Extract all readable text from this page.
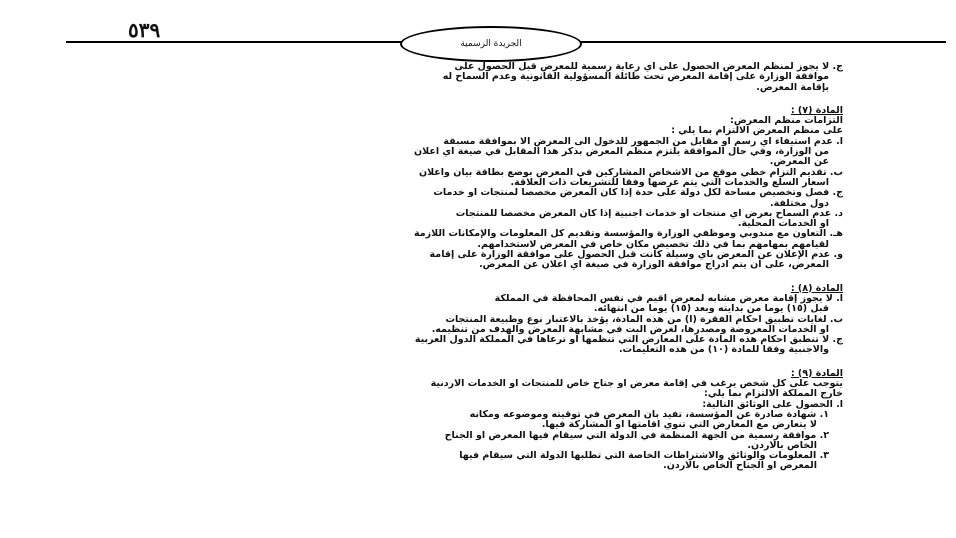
٥٣٩
الجريدة الرسمية
ج. لا يجوز لمنظم المعرض الحصول على أي رعاية رسمية للمعرض قبل الحصول على
موافقة الوزارة على إقامة المعرض تحت طائلة المسؤولية القانونية وعدم السماح له
بإقامة المعرض.
المادة (٧) :
التزامات منظم المعرض:
على منظم المعرض الالتزام بما يلي :
أ. عدم استيفاء أي رسم او مقابل من الجمهور للدخول الى المعرض الا بموافقة مسبقة
من الوزارة، وفي حال الموافقة يلتزم منظم المعرض بذكر هذا المقابل في صيغة أي اعلان
عن المعرض.
ب. تقديم التزام خطي موقع من الأشخاص المشاركين في المعرض بوضع بطاقة بيان واعلان
أسعار السلع والخدمات التي يتم عرضها وفقا للتشريعات ذات العلاقة.
ج. فصل وتخصيص مساحة لكل دولة على حدة إذا كان المعرض مخصصا لمنتجات او خدمات
دول مختلفة.
د. عدم السماح بعرض أي منتجات او خدمات اجنبية إذا كان المعرض مخصصا للمنتجات
او الخدمات المحلية.
هـ. التعاون مع مندوبي وموظفي الوزارة والمؤسسة وتقديم كل المعلومات والإمكانات اللازمة
لقيامهم بمهامهم بما في ذلك تخصيص مكان خاص في المعرض لاستخدامهم.
و. عدم الإعلان عن المعرض بأي وسيلة كانت قبل الحصول على موافقة الوزارة على إقامة
المعرض، على ان يتم ادراج موافقة الوزارة في صيغة أي اعلان عن المعرض.
المادة (٨) :
أ. لا يجوز إقامة معرض مشابه لمعرض أقيم في نفس المحافظة في المملكة
قبل (١٥) يوما من بدايته وبعد (١٥) يوما من انتهائه.
ب. لغايات تطبيق احكام الفقرة (أ) من هذه المادة، يؤخذ بالاعتبار نوع وطبيعة المنتجات
او الخدمات المعروضة ومصدرها، لغرض البت في مشابهة المعرض والهدف من تنظيمه.
ج. لا تنطبق احكام هذه المادة على المعارض التي تنظمها او ترعاها في المملكة الدول العربية
والأجنبية وفقا للمادة (١٠) من هذه التعليمات.
المادة (٩) :
يتوجب على كل شخص يرغب في إقامة معرض او جناح خاص للمنتجات او الخدمات الأردنية
خارج المملكة الالتزام بما يلي:
أ. الحصول على الوثائق التالية:
١. شهادة صادرة عن المؤسسة، تفيد بأن المعرض في توقيته وموضوعه ومكانه
لا يتعارض مع المعارض التي تنوي اقامتها او المشاركة فيها.
٢. موافقة رسمية من الجهة المنظمة في الدولة التي سيقام فيها المعرض او الجناح
الخاص بالأردن.
٣. المعلومات والوثائق والاشتراطات الخاصة التي تطلبها الدولة التي سيقام فيها
المعرض او الجناح الخاص بالأردن.
